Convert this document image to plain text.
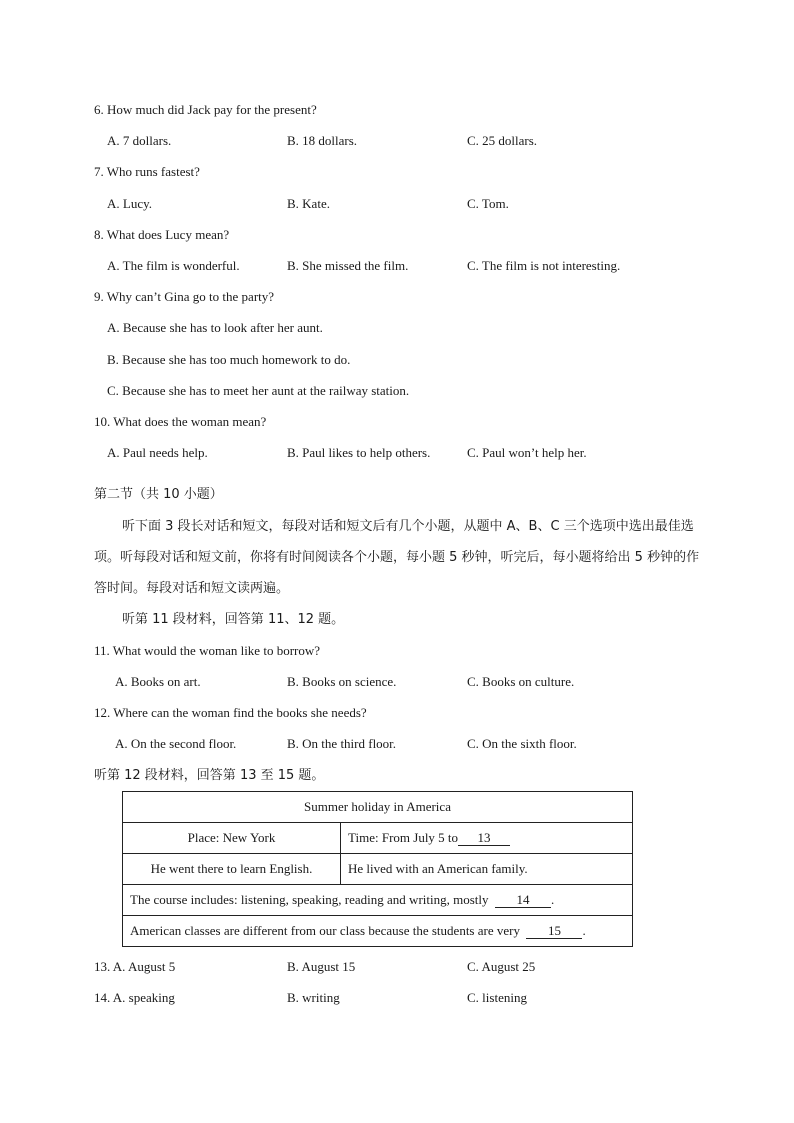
6. How much did Jack pay for the present?
A. 7 dollars.	B. 18 dollars.	C. 25 dollars.
7. Who runs fastest?
A. Lucy.	B. Kate.	C. Tom.
8. What does Lucy mean?
A. The film is wonderful.	B. She missed the film.	C. The film is not interesting.
9. Why can’t Gina go to the party?
A. Because she has to look after her aunt.
B. Because she has too much homework to do.
C. Because she has to meet her aunt at the railway station.
10. What does the woman mean?
A. Paul needs help.	B. Paul likes to help others.	C. Paul won’t help her.
第二节（共 10 小题）
听下面 3 段长对话和短文，每段对话和短文后有几个小题，从题中 A、B、C 三个选项中选出最佳选项。听每段对话和短文前，你将有时间阅读各个小题，每小题 5 秒钟，听完后，每小题将给出 5 秒钟的作答时间。每段对话和短文读两遍。
听第 11 段材料，回答第 11、12 题。
11. What would the woman like to borrow?
A. Books on art.	B. Books on science.	C. Books on culture.
12. Where can the woman find the books she needs?
A. On the second floor.	B. On the third floor.	C. On the sixth floor.
听第 12 段材料，回答第 13 至 15 题。
Summer holiday in America	
Place: New York	Time: From July 5 to 13
He went there to learn English.	He lived with an American family.
The course includes: listening, speaking, reading and writing, mostly 14 .	
American classes are different from our class because the students are very 15 .	
13. A. August 5	B. August 15	C. August 25
14. A. speaking	B. writing	C. listening
